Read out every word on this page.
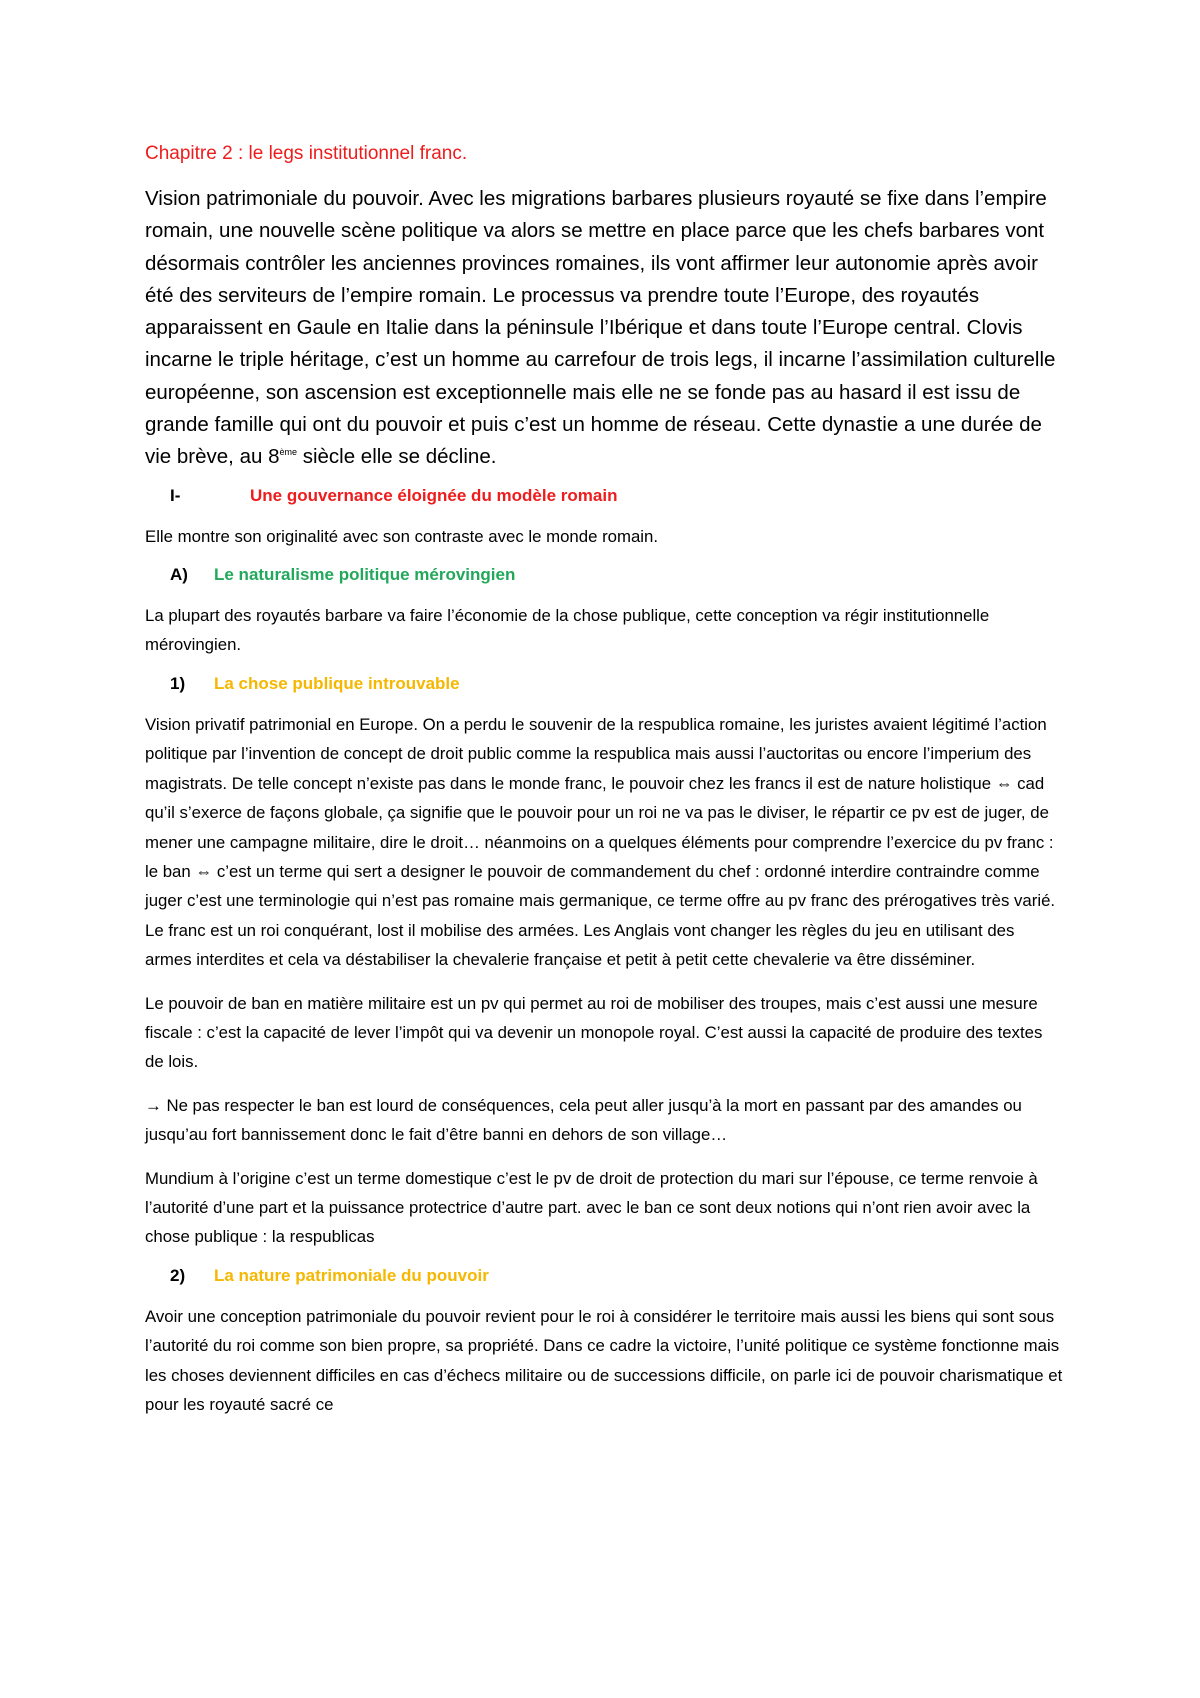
Chapitre 2 : le legs institutionnel franc.

Vision patrimoniale du pouvoir. Avec les migrations barbares plusieurs royauté se fixe dans l’empire romain, une nouvelle scène politique va alors se mettre en place parce que les chefs barbares vont désormais contrôler les anciennes provinces romaines, ils vont affirmer leur autonomie après avoir été des serviteurs de l’empire romain. Le processus va prendre toute l’Europe, des royautés apparaissent en Gaule en Italie dans la péninsule l’Ibérique et dans toute l’Europe central. Clovis incarne le triple héritage, c’est un homme au carrefour de trois legs, il incarne l’assimilation culturelle européenne, son ascension est exceptionnelle mais elle ne se fonde pas au hasard il est issu de grande famille qui ont du pouvoir et puis c’est un homme de réseau. Cette dynastie a une durée de vie brève, au 8ème siècle elle se décline.

I-	Une gouvernance éloignée du modèle romain

Elle montre son originalité avec son contraste avec le monde romain.

A)	Le naturalisme politique mérovingien

La plupart des royautés barbare va faire l’économie de la chose publique, cette conception va régir institutionnelle mérovingien.

1)	La chose publique introuvable

Vision privatif patrimonial en Europe. On a perdu le souvenir de la respublica romaine, les juristes avaient légitimé l’action politique par l’invention de concept de droit public comme la respublica mais aussi l’auctoritas ou encore l’imperium des magistrats. De telle concept n’existe pas dans le monde franc, le pouvoir chez les francs il est de nature holistique ⇔ cad qu’il s’exerce de façons globale, ça signifie que le pouvoir pour un roi ne va pas le diviser, le répartir ce pv est de juger, de mener une campagne militaire, dire le droit… néanmoins on a quelques éléments pour comprendre l’exercice du pv franc : le ban ⇔ c’est un terme qui sert a designer le pouvoir de commandement du chef : ordonné interdire contraindre comme juger c’est une terminologie qui n’est pas romaine mais germanique, ce terme offre au pv franc des prérogatives très varié. Le franc est un roi conquérant, lost il mobilise des armées. Les Anglais vont changer les règles du jeu en utilisant des armes interdites et cela va déstabiliser la chevalerie française et petit à petit cette chevalerie va être disséminer.

Le pouvoir de ban en matière militaire est un pv qui permet au roi de mobiliser des troupes, mais c’est aussi une mesure fiscale : c’est la capacité de lever l’impôt qui va devenir un monopole royal. C’est aussi la capacité de produire des textes de lois.

→ Ne pas respecter le ban est lourd de conséquences, cela peut aller jusqu’à la mort en passant par des amandes ou jusqu’au fort bannissement donc le fait d’être banni en dehors de son village…

Mundium à l’origine c’est un terme domestique c’est le pv de droit de protection du mari sur l’épouse, ce terme renvoie à l’autorité d’une part et la puissance protectrice d’autre part. avec le ban ce sont deux notions qui n’ont rien avoir avec la chose publique : la respublicas

2)	La nature patrimoniale du pouvoir

Avoir une conception patrimoniale du pouvoir revient pour le roi à considérer le territoire mais aussi les biens qui sont sous l’autorité du roi comme son bien propre, sa propriété. Dans ce cadre la victoire, l’unité politique ce système fonctionne mais les choses deviennent difficiles en cas d’échecs militaire ou de successions difficile, on parle ici de pouvoir charismatique et pour les royauté sacré ce
